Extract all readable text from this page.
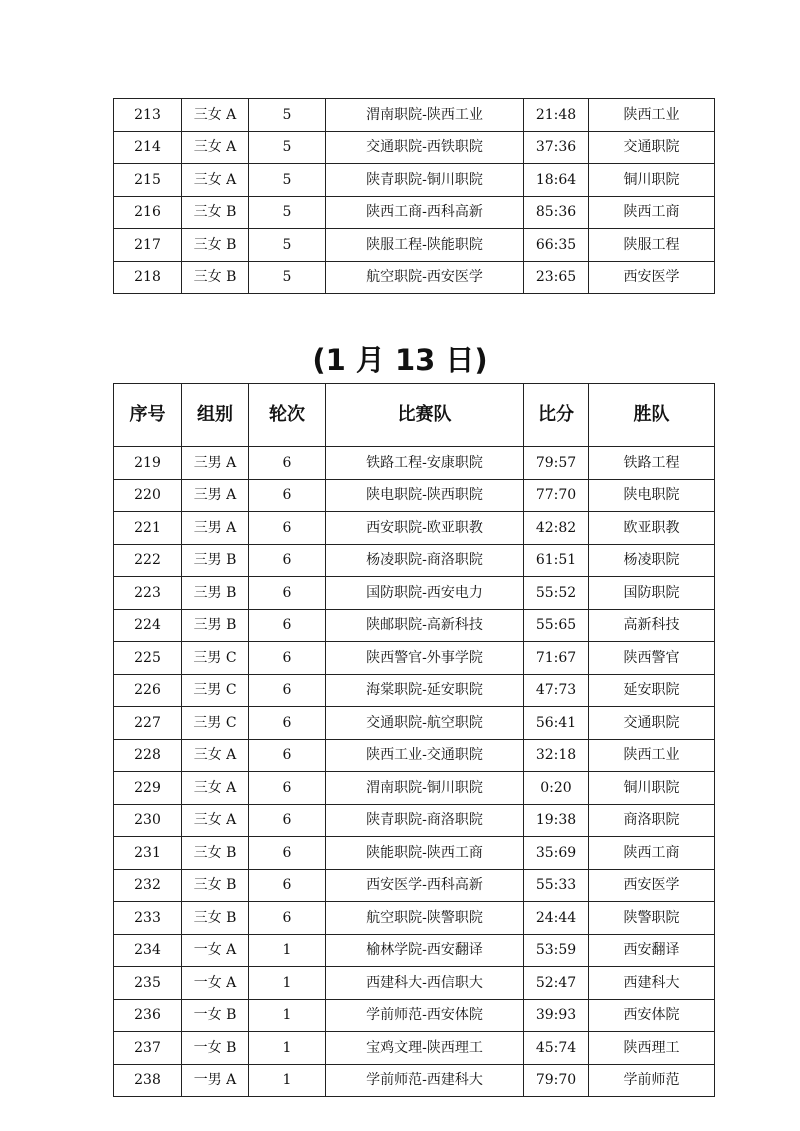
213	三女 A	5	渭南职院-陕西工业	21:48	陕西工业
214	三女 A	5	交通职院-西铁职院	37:36	交通职院
215	三女 A	5	陕青职院-铜川职院	18:64	铜川职院
216	三女 B	5	陕西工商-西科高新	85:36	陕西工商
217	三女 B	5	陕服工程-陕能职院	66:35	陕服工程
218	三女 B	5	航空职院-西安医学	23:65	西安医学
(1 月 13 日)
序号	组别	轮次	比赛队	比分	胜队
219	三男 A	6	铁路工程-安康职院	79:57	铁路工程
220	三男 A	6	陕电职院-陕西职院	77:70	陕电职院
221	三男 A	6	西安职院-欧亚职教	42:82	欧亚职教
222	三男 B	6	杨凌职院-商洛职院	61:51	杨凌职院
223	三男 B	6	国防职院-西安电力	55:52	国防职院
224	三男 B	6	陕邮职院-高新科技	55:65	高新科技
225	三男 C	6	陕西警官-外事学院	71:67	陕西警官
226	三男 C	6	海棠职院-延安职院	47:73	延安职院
227	三男 C	6	交通职院-航空职院	56:41	交通职院
228	三女 A	6	陕西工业-交通职院	32:18	陕西工业
229	三女 A	6	渭南职院-铜川职院	0:20	铜川职院
230	三女 A	6	陕青职院-商洛职院	19:38	商洛职院
231	三女 B	6	陕能职院-陕西工商	35:69	陕西工商
232	三女 B	6	西安医学-西科高新	55:33	西安医学
233	三女 B	6	航空职院-陕警职院	24:44	陕警职院
234	一女 A	1	榆林学院-西安翻译	53:59	西安翻译
235	一女 A	1	西建科大-西信职大	52:47	西建科大
236	一女 B	1	学前师范-西安体院	39:93	西安体院
237	一女 B	1	宝鸡文理-陕西理工	45:74	陕西理工
238	一男 A	1	学前师范-西建科大	79:70	学前师范
